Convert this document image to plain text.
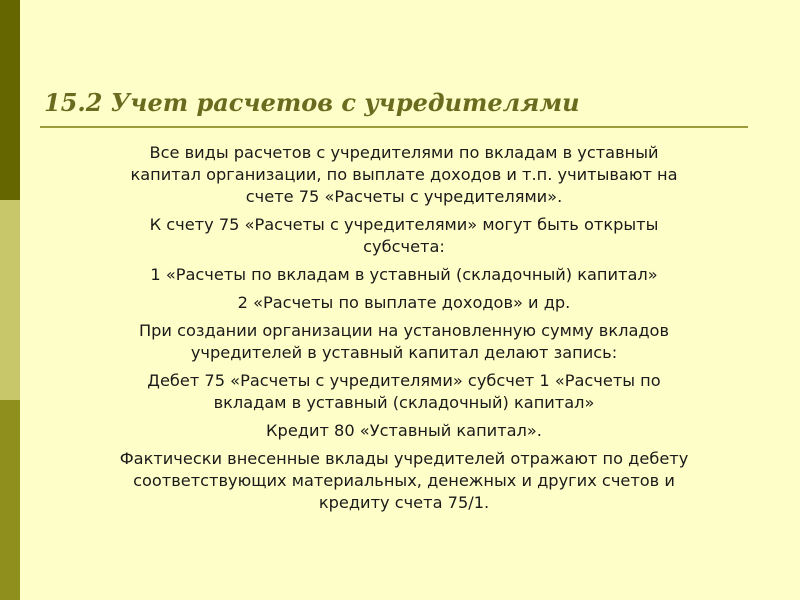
15.2 Учет расчетов с учредителями
Все виды расчетов с учредителями по вкладам в уставный
капитал организации, по выплате доходов и т.п. учитывают на
счете 75 «Расчеты с учредителями».
К счету 75 «Расчеты с учредителями» могут быть открыты
субсчета:
1 «Расчеты по вкладам в уставный (складочный) капитал»
2 «Расчеты по выплате доходов» и др.
При создании организации на установленную сумму вкладов
учредителей в уставный капитал делают запись:
Дебет 75 «Расчеты с учредителями» субсчет 1 «Расчеты по
вкладам в уставный (складочный) капитал»
Кредит 80 «Уставный капитал».
Фактически внесенные вклады учредителей отражают по дебету
соответствующих материальных, денежных и других счетов и
кредиту счета 75/1.
